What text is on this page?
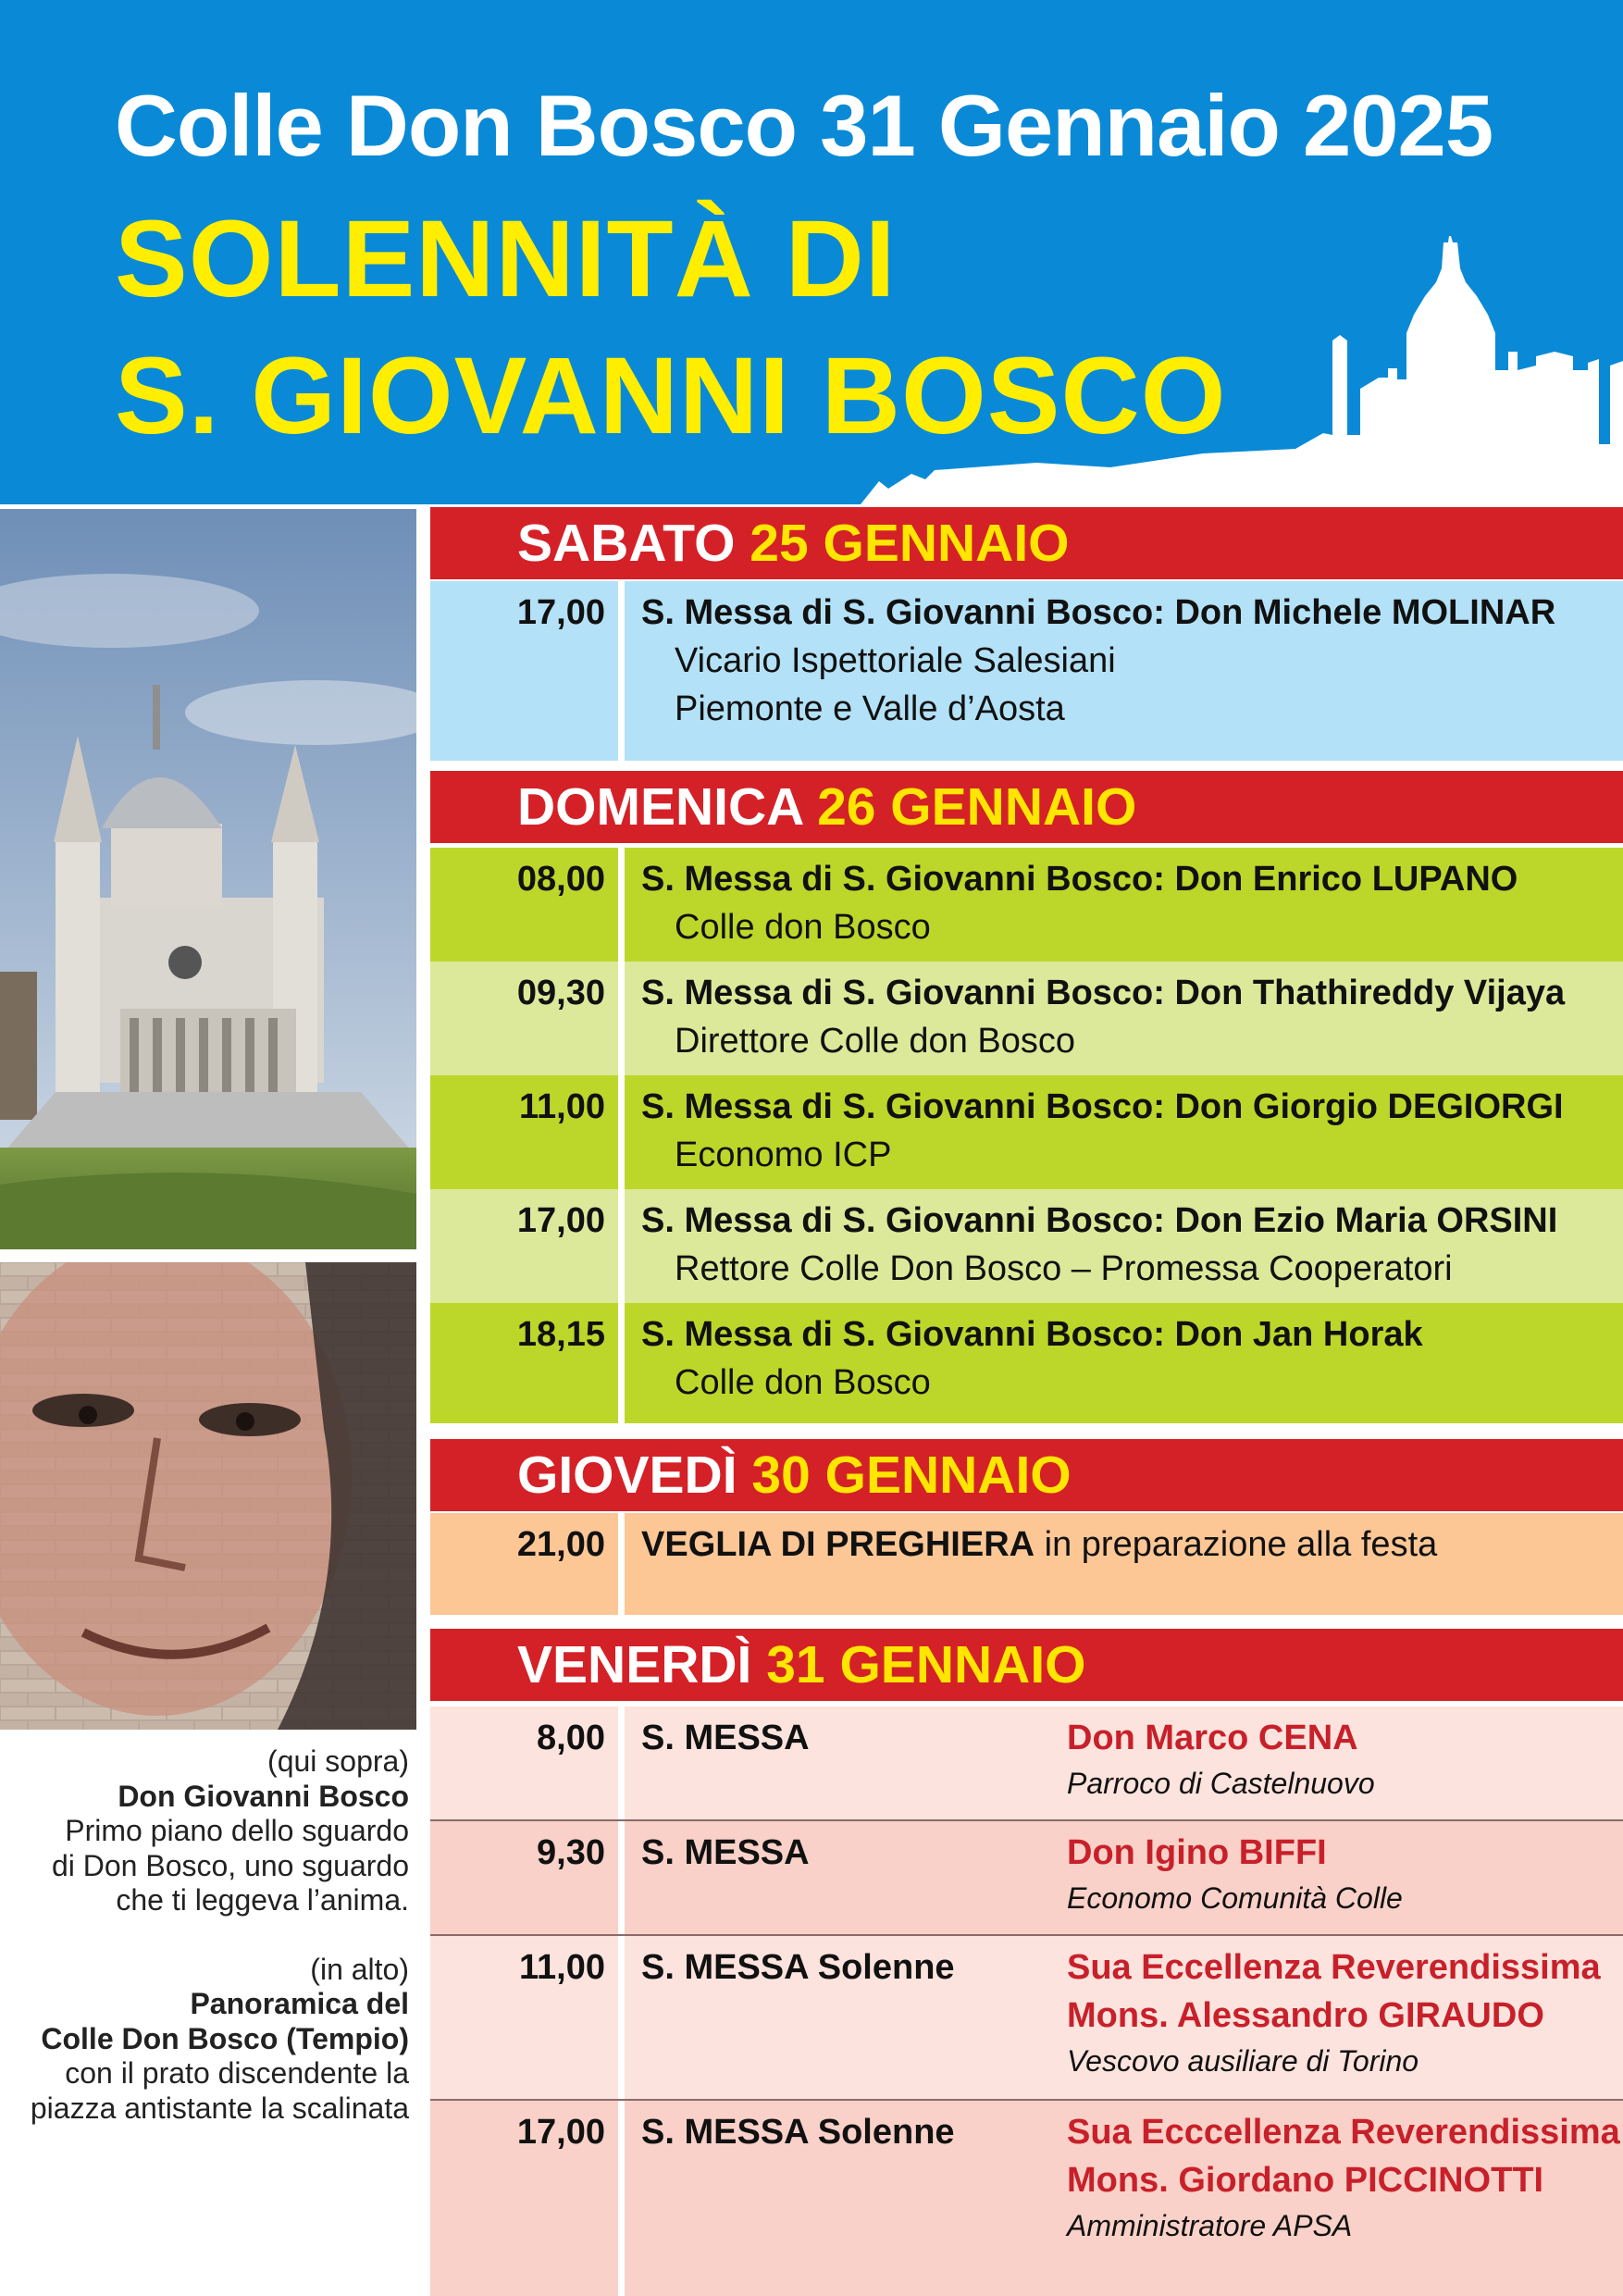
Colle Don Bosco 31 Gennaio 2025
SOLENNITÀ DI
S. GIOVANNI BOSCO
(qui sopra)
Don Giovanni Bosco
Primo piano dello sguardo
di Don Bosco, uno sguardo
che ti leggeva l’anima.
(in alto)
Panoramica del
Colle Don Bosco (Tempio)
con il prato discendente la
piazza antistante la scalinata
SABATO 25 GENNAIO
17,00	S. Messa di S. Giovanni Bosco: Don Michele MOLINAR
Vicario Ispettoriale Salesiani
Piemonte e Valle d’Aosta
DOMENICA 26 GENNAIO
08,00	S. Messa di S. Giovanni Bosco: Don Enrico LUPANO
Colle don Bosco
09,30	S. Messa di S. Giovanni Bosco: Don Thathireddy Vijaya
Direttore Colle don Bosco
11,00	S. Messa di S. Giovanni Bosco: Don Giorgio DEGIORGI
Economo ICP
17,00	S. Messa di S. Giovanni Bosco: Don Ezio Maria ORSINI
Rettore Colle Don Bosco – Promessa Cooperatori
18,15	S. Messa di S. Giovanni Bosco: Don Jan Horak
Colle don Bosco
GIOVEDÌ 30 GENNAIO
21,00	VEGLIA DI PREGHIERA in preparazione alla festa
VENERDÌ 31 GENNAIO
8,00	S. MESSA	Don Marco CENA
Parroco di Castelnuovo
9,30	S. MESSA	Don Igino BIFFI
Economo Comunità Colle
11,00	S. MESSA Solenne	Sua Eccellenza Reverendissima
Mons. Alessandro GIRAUDO
Vescovo ausiliare di Torino
17,00	S. MESSA Solenne	Sua Ecccellenza Reverendissima
Mons. Giordano PICCINOTTI
Amministratore APSA
